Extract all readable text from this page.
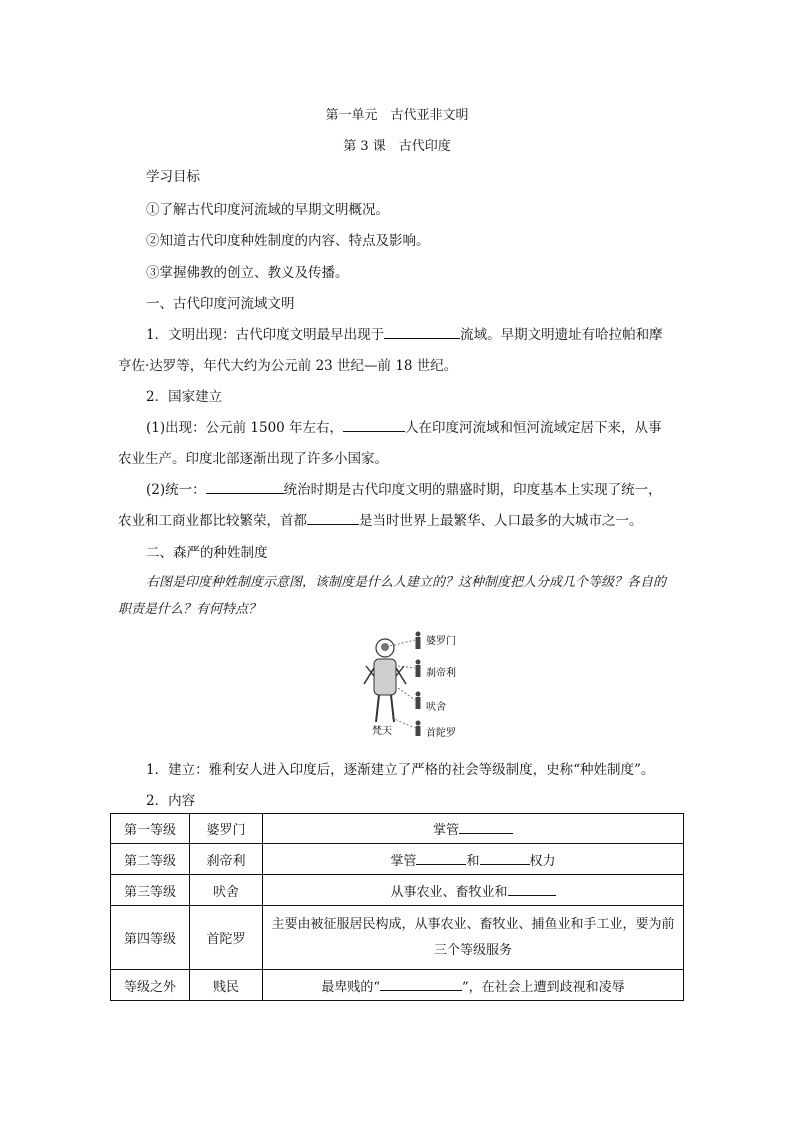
第一单元　古代亚非文明
第 3 课　古代印度
学习目标
①了解古代印度河流域的早期文明概况。
②知道古代印度种姓制度的内容、特点及影响。
③掌握佛教的创立、教义及传播。
一、古代印度河流域文明
1．文明出现：古代印度文明最早出现于	流域。早期文明遗址有哈拉帕和摩
亨佐·达罗等，年代大约为公元前 23 世纪—前 18 世纪。
2．国家建立
(1)出现：公元前 1500 年左右，	人在印度河流域和恒河流域定居下来，从事
农业生产。印度北部逐渐出现了许多小国家。
(2)统一：	统治时期是古代印度文明的鼎盛时期，印度基本上实现了统一，
农业和工商业都比较繁荣，首都	是当时世界上最繁华、人口最多的大城市之一。
二、森严的种姓制度
右图是印度种姓制度示意图，该制度是什么人建立的？这种制度把人分成几个等级？各自的职责是什么？有何特点？
婆罗门
刹帝利
吠舍
首陀罗
梵天
1．建立：雅利安人进入印度后，逐渐建立了严格的社会等级制度，史称“种姓制度”。
2．内容
第一等级	婆罗门	掌管
第二等级	刹帝利	掌管 和 权力
第三等级	吠舍	从事农业、畜牧业和
第四等级	首陀罗	主要由被征服居民构成，从事农业、畜牧业、捕鱼业和手工业，要为前三个等级服务
等级之外	贱民	最卑贱的“ ”，在社会上遭到歧视和凌辱
